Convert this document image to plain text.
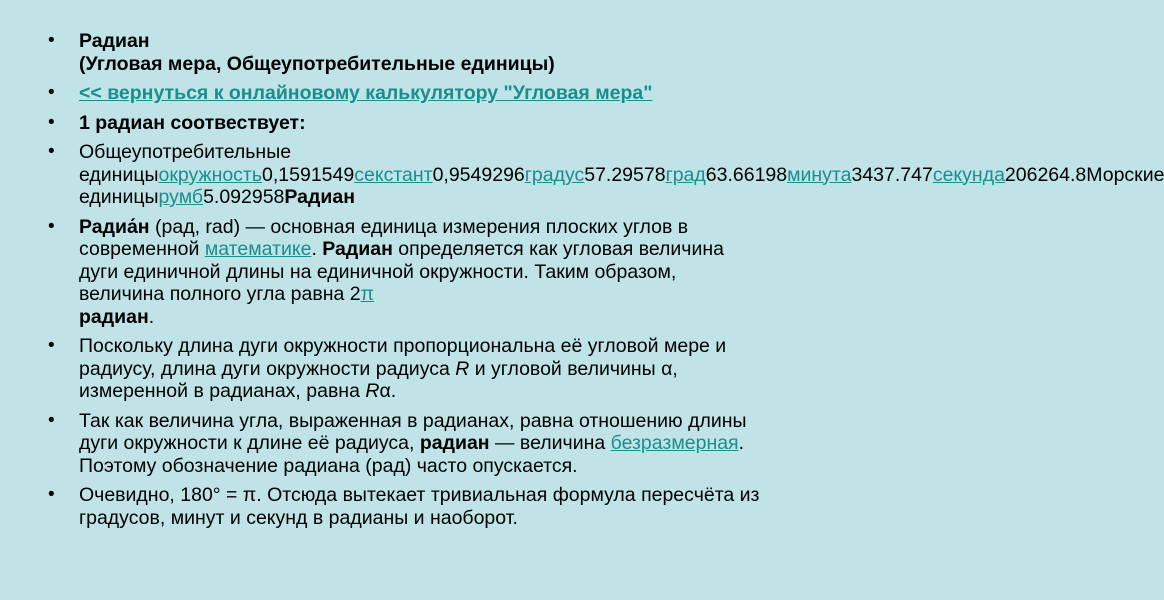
• Радиан
(Угловая мера, Общеупотребительные единицы)
• << вернуться к онлайновому калькулятору "Угловая мера"
• 1 радиан соотвествует:
• Общеупотребительные единицыокружность0,1591549секстант0,9549296градус57.29578град63.66198минута3437.747секунда206264.8Морские единицырумб5.092958Радиан
• Радиа́н (рад, rad) — основная единица измерения плоских углов в современной математике. Радиан определяется как угловая величина дуги единичной длины на единичной окружности. Таким образом, величина полного угла равна 2π
радиан.
• Поскольку длина дуги окружности пропорциональна её угловой мере и радиусу, длина дуги окружности радиуса R и угловой величины α, измеренной в радианах, равна Rα.
• Так как величина угла, выраженная в радианах, равна отношению длины дуги окружности к длине её радиуса, радиан — величина безразмерная. Поэтому обозначение радиана (рад) часто опускается.
• Очевидно, 180° = π. Отсюда вытекает тривиальная формула пересчёта из градусов, минут и секунд в радианы и наоборот.
